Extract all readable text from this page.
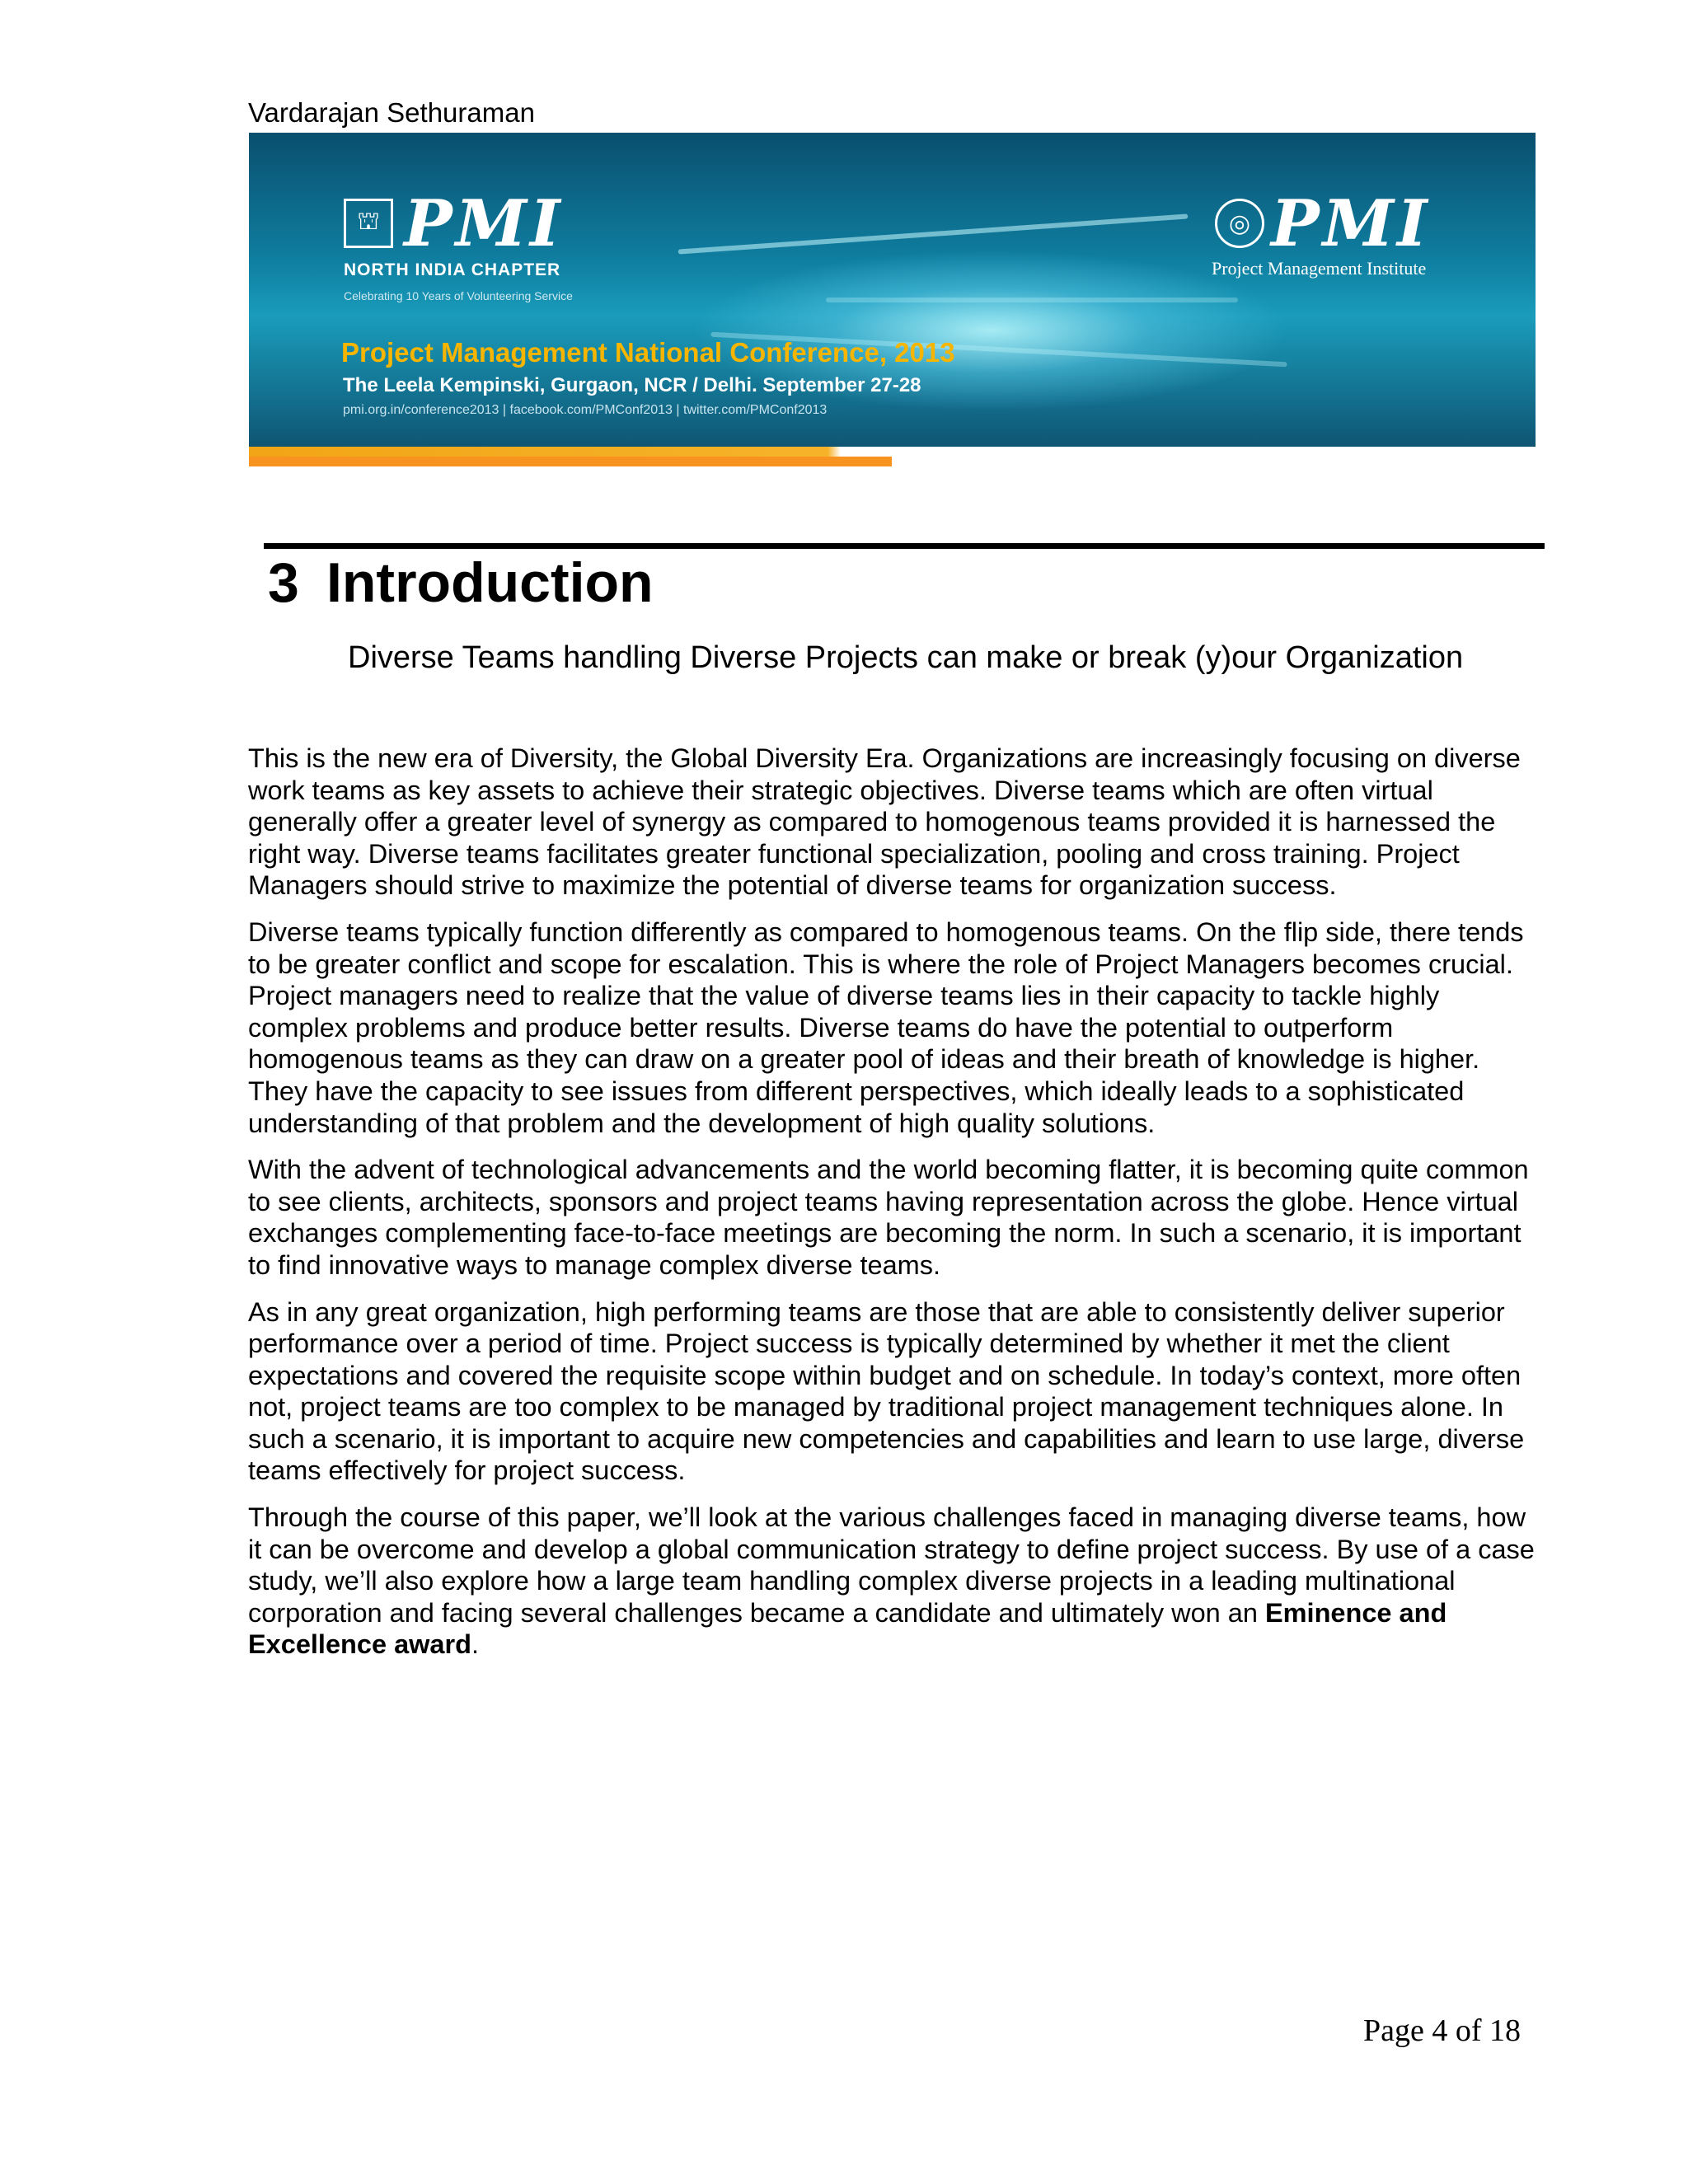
Vardarajan Sethuraman
⛫ PMI
NORTH INDIA CHAPTER
Celebrating 10 Years of Volunteering Service
Project Management National Conference, 2013
The Leela Kempinski, Gurgaon, NCR / Delhi. September 27-28
pmi.org.in/conference2013 | facebook.com/PMConf2013 | twitter.com/PMConf2013
◎ PMI
Project Management Institute
3 Introduction
Diverse Teams handling Diverse Projects can make or break (y)our Organization

This is the new era of Diversity, the Global Diversity Era. Organizations are increasingly focusing on diverse work teams as key assets to achieve their strategic objectives. Diverse teams which are often virtual generally offer a greater level of synergy as compared to homogenous teams provided it is harnessed the right way. Diverse teams facilitates greater functional specialization, pooling and cross training. Project Managers should strive to maximize the potential of diverse teams for organization success.

Diverse teams typically function differently as compared to homogenous teams. On the flip side, there tends to be greater conflict and scope for escalation. This is where the role of Project Managers becomes crucial. Project managers need to realize that the value of diverse teams lies in their capacity to tackle highly complex problems and produce better results. Diverse teams do have the potential to outperform homogenous teams as they can draw on a greater pool of ideas and their breath of knowledge is higher. They have the capacity to see issues from different perspectives, which ideally leads to a sophisticated understanding of that problem and the development of high quality solutions.

With the advent of technological advancements and the world becoming flatter, it is becoming quite common to see clients, architects, sponsors and project teams having representation across the globe. Hence virtual exchanges complementing face-to-face meetings are becoming the norm. In such a scenario, it is important to find innovative ways to manage complex diverse teams.

As in any great organization, high performing teams are those that are able to consistently deliver superior performance over a period of time. Project success is typically determined by whether it met the client expectations and covered the requisite scope within budget and on schedule. In today’s context, more often not, project teams are too complex to be managed by traditional project management techniques alone. In such a scenario, it is important to acquire new competencies and capabilities and learn to use large, diverse teams effectively for project success.

Through the course of this paper, we’ll look at the various challenges faced in managing diverse teams, how it can be overcome and develop a global communication strategy to define project success. By use of a case study, we’ll also explore how a large team handling complex diverse projects in a leading multinational corporation and facing several challenges became a candidate and ultimately won an Eminence and Excellence award.

Page 4 of 18
